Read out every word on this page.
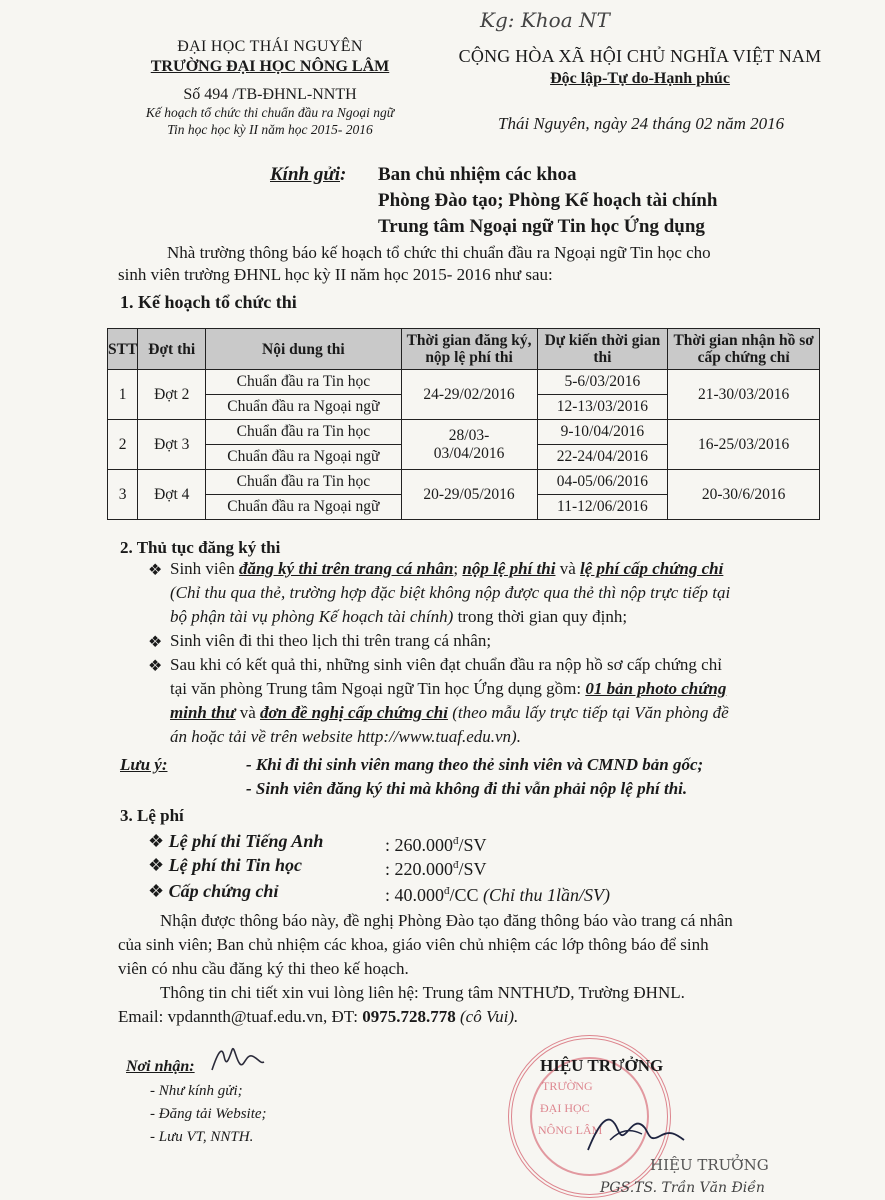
Kg: Khoa NT
ĐẠI HỌC THÁI NGUYÊN
TRƯỜNG ĐẠI HỌC NÔNG LÂM
Số 494 /TB-ĐHNL-NNTH
Kế hoạch tổ chức thi chuẩn đầu ra Ngoại ngữ
Tin học học kỳ II năm học 2015- 2016
CỘNG HÒA XÃ HỘI CHỦ NGHĨA VIỆT NAM
Độc lập-Tự do-Hạnh phúc
Thái Nguyên, ngày 24 tháng 02 năm 2016
Kính gửi: Ban chủ nhiệm các khoa
Phòng Đào tạo; Phòng Kế hoạch tài chính
Trung tâm Ngoại ngữ Tin học Ứng dụng
Nhà trường thông báo kế hoạch tổ chức thi chuẩn đầu ra Ngoại ngữ Tin học cho
sinh viên trường ĐHNL học kỳ II năm học 2015- 2016 như sau:
1. Kế hoạch tổ chức thi
STT	Đợt thi	Nội dung thi	Thời gian đăng ký, nộp lệ phí thi	Dự kiến thời gian thi	Thời gian nhận hồ sơ cấp chứng chỉ
1	Đợt 2	Chuẩn đầu ra Tin học	24-29/02/2016	5-6/03/2016	21-30/03/2016
		Chuẩn đầu ra Ngoại ngữ		12-13/03/2016	
2	Đợt 3	Chuẩn đầu ra Tin học	28/03-03/04/2016	9-10/04/2016	16-25/03/2016
		Chuẩn đầu ra Ngoại ngữ		22-24/04/2016	
3	Đợt 4	Chuẩn đầu ra Tin học	20-29/05/2016	04-05/06/2016	20-30/6/2016
		Chuẩn đầu ra Ngoại ngữ		11-12/06/2016	
2. Thủ tục đăng ký thi
❖ Sinh viên đăng ký thi trên trang cá nhân; nộp lệ phí thi và lệ phí cấp chứng chỉ
(Chỉ thu qua thẻ, trường hợp đặc biệt không nộp được qua thẻ thì nộp trực tiếp tại
bộ phận tài vụ phòng Kế hoạch tài chính) trong thời gian quy định;
❖ Sinh viên đi thi theo lịch thi trên trang cá nhân;
❖ Sau khi có kết quả thi, những sinh viên đạt chuẩn đầu ra nộp hồ sơ cấp chứng chỉ
tại văn phòng Trung tâm Ngoại ngữ Tin học Ứng dụng gồm: 01 bản photo chứng
minh thư và đơn đề nghị cấp chứng chỉ (theo mẫu lấy trực tiếp tại Văn phòng đề
án hoặc tải về trên website http://www.tuaf.edu.vn).
Lưu ý:	- Khi đi thi sinh viên mang theo thẻ sinh viên và CMND bản gốc;
- Sinh viên đăng ký thi mà không đi thi vẫn phải nộp lệ phí thi.
3. Lệ phí
❖ Lệ phí thi Tiếng Anh	: $260.000^đ/SV$
❖ Lệ phí thi Tin học	: $220.000^đ/SV$
❖ Cấp chứng chỉ	: $40.000^đ/CC$ (Chỉ thu 1lần/SV)
Nhận được thông báo này, đề nghị Phòng Đào tạo đăng thông báo vào trang cá nhân
của sinh viên; Ban chủ nhiệm các khoa, giáo viên chủ nhiệm các lớp thông báo để sinh
viên có nhu cầu đăng ký thi theo kế hoạch.
Thông tin chi tiết xin vui lòng liên hệ: Trung tâm NNTHƯD, Trường ĐHNL.
Email: vpdannth@tuaf.edu.vn, ĐT: 0975.728.778 (cô Vui).
Nơi nhận:
- Như kính gửi;
- Đăng tải Website;
- Lưu VT, NNTH.
TRƯỜNG
ĐẠI HỌC
NÔNG LÂM
HIỆU TRƯỞNG
HIỆU TRƯỞNG
PGS.TS. Trần Văn Điền
